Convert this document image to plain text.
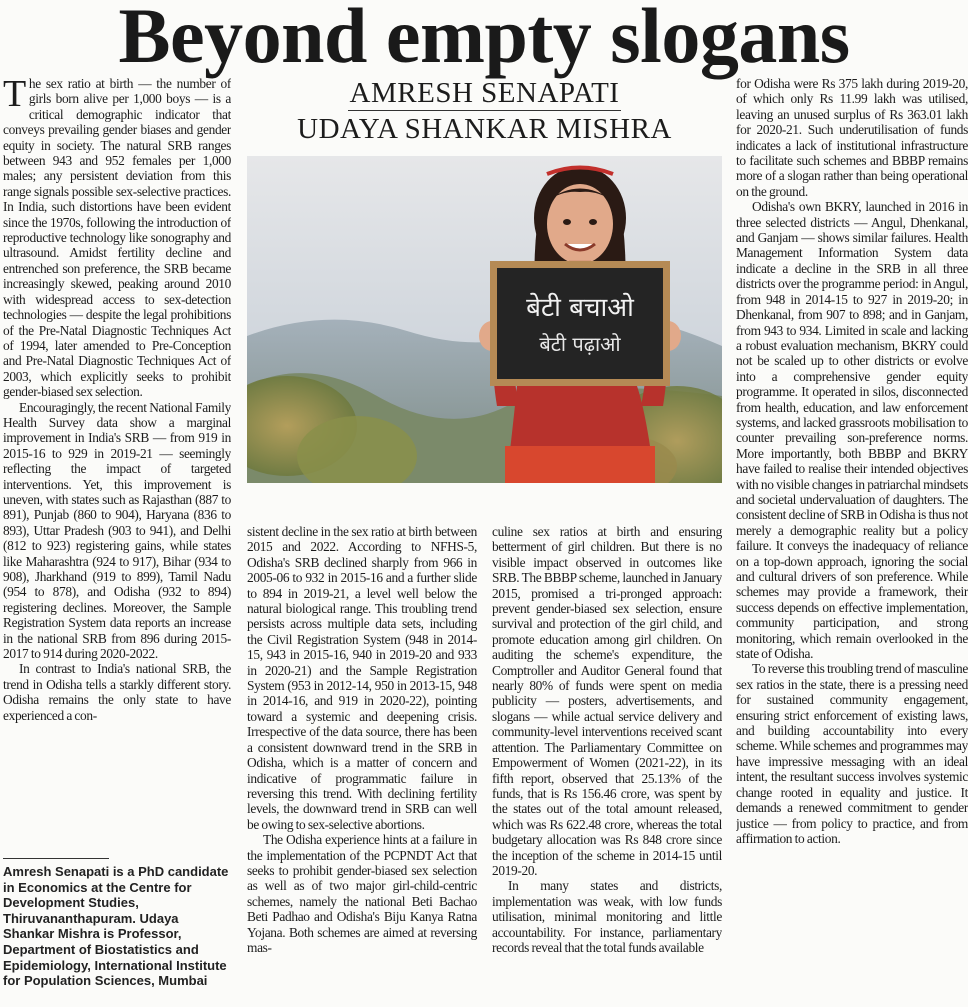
Beyond empty slogans

The sex ratio at birth — the number of girls born alive per 1,000 boys — is a critical demographic indicator that conveys prevailing gender biases and gender equity in society. The natural SRB ranges between 943 and 952 females per 1,000 males; any persistent deviation from this range signals possible sex-selective practices. In India, such distortions have been evident since the 1970s, following the introduction of reproductive technology like sonography and ultrasound. Amidst fertility decline and entrenched son preference, the SRB became increasingly skewed, peaking around 2010 with widespread access to sex-detection technologies — despite the legal prohibitions of the Pre-Natal Diagnostic Techniques Act of 1994, later amended to Pre-Conception and Pre-Natal Diagnostic Techniques Act of 2003, which explicitly seeks to prohibit gender-biased sex selection.

Encouragingly, the recent National Family Health Survey data show a marginal improvement in India's SRB — from 919 in 2015-16 to 929 in 2019-21 — seemingly reflecting the impact of targeted interventions. Yet, this improvement is uneven, with states such as Rajasthan (887 to 891), Punjab (860 to 904), Haryana (836 to 893), Uttar Pradesh (903 to 941), and Delhi (812 to 923) registering gains, while states like Maharashtra (924 to 917), Bihar (934 to 908), Jharkhand (919 to 899), Tamil Nadu (954 to 878), and Odisha (932 to 894) registering declines. Moreover, the Sample Registration System data reports an increase in the national SRB from 896 during 2015-2017 to 914 during 2020-2022.

In contrast to India's national SRB, the trend in Odisha tells a starkly different story. Odisha remains the only state to have experienced a con-

AMRESH SENAPATI
UDAYA SHANKAR MISHRA
बेटी बचाओ
बेटी पढ़ाओ

sistent decline in the sex ratio at birth between 2015 and 2022. According to NFHS-5, Odisha's SRB declined sharply from 966 in 2005-06 to 932 in 2015-16 and a further slide to 894 in 2019-21, a level well below the natural biological range. This troubling trend persists across multiple data sets, including the Civil Registration System (948 in 2014-15, 943 in 2015-16, 940 in 2019-20 and 933 in 2020-21) and the Sample Registration System (953 in 2012-14, 950 in 2013-15, 948 in 2014-16, and 919 in 2020-22), pointing toward a systemic and deepening crisis. Irrespective of the data source, there has been a consistent downward trend in the SRB in Odisha, which is a matter of concern and indicative of programmatic failure in reversing this trend. With declining fertility levels, the downward trend in SRB can well be owing to sex-selective abortions.

The Odisha experience hints at a failure in the implementation of the PCPNDT Act that seeks to prohibit gender-biased sex selection as well as of two major girl-child-centric schemes, namely the national Beti Bachao Beti Padhao and Odisha's Biju Kanya Ratna Yojana. Both schemes are aimed at reversing mas-

culine sex ratios at birth and ensuring betterment of girl children. But there is no visible impact observed in outcomes like SRB. The BBBP scheme, launched in January 2015, promised a tri-pronged approach: prevent gender-biased sex selection, ensure survival and protection of the girl child, and promote education among girl children. On auditing the scheme's expenditure, the Comptroller and Auditor General found that nearly 80% of funds were spent on media publicity — posters, advertisements, and slogans — while actual service delivery and community-level interventions received scant attention. The Parliamentary Committee on Empowerment of Women (2021-22), in its fifth report, observed that 25.13% of the funds, that is Rs 156.46 crore, was spent by the states out of the total amount released, which was Rs 622.48 crore, whereas the total budgetary allocation was Rs 848 crore since the inception of the scheme in 2014-15 until 2019-20.

In many states and districts, implementation was weak, with low funds utilisation, minimal monitoring and little accountability. For instance, parliamentary records reveal that the total funds available

for Odisha were Rs 375 lakh during 2019-20, of which only Rs 11.99 lakh was utilised, leaving an unused surplus of Rs 363.01 lakh for 2020-21. Such underutilisation of funds indicates a lack of institutional infrastructure to facilitate such schemes and BBBP remains more of a slogan rather than being operational on the ground.

Odisha's own BKRY, launched in 2016 in three selected districts — Angul, Dhenkanal, and Ganjam — shows similar failures. Health Management Information System data indicate a decline in the SRB in all three districts over the programme period: in Angul, from 948 in 2014-15 to 927 in 2019-20; in Dhenkanal, from 907 to 898; and in Ganjam, from 943 to 934. Limited in scale and lacking a robust evaluation mechanism, BKRY could not be scaled up to other districts or evolve into a comprehensive gender equity programme. It operated in silos, disconnected from health, education, and law enforcement systems, and lacked grassroots mobilisation to counter prevailing son-preference norms. More importantly, both BBBP and BKRY have failed to realise their intended objectives with no visible changes in patriarchal mindsets and societal undervaluation of daughters. The consistent decline of SRB in Odisha is thus not merely a demographic reality but a policy failure. It conveys the inadequacy of reliance on a top-down approach, ignoring the social and cultural drivers of son preference. While schemes may provide a framework, their success depends on effective implementation, community participation, and strong monitoring, which remain overlooked in the state of Odisha.

To reverse this troubling trend of masculine sex ratios in the state, there is a pressing need for sustained community engagement, ensuring strict enforcement of existing laws, and building accountability into every scheme. While schemes and programmes may have impressive messaging with an ideal intent, the resultant success involves systemic change rooted in equality and justice. It demands a renewed commitment to gender justice — from policy to practice, and from affirmation to action.

Amresh Senapati is a PhD candidate in Economics at the Centre for Development Studies, Thiruvananthapuram. Udaya Shankar Mishra is Professor, Department of Biostatistics and Epidemiology, International Institute for Population Sciences, Mumbai
